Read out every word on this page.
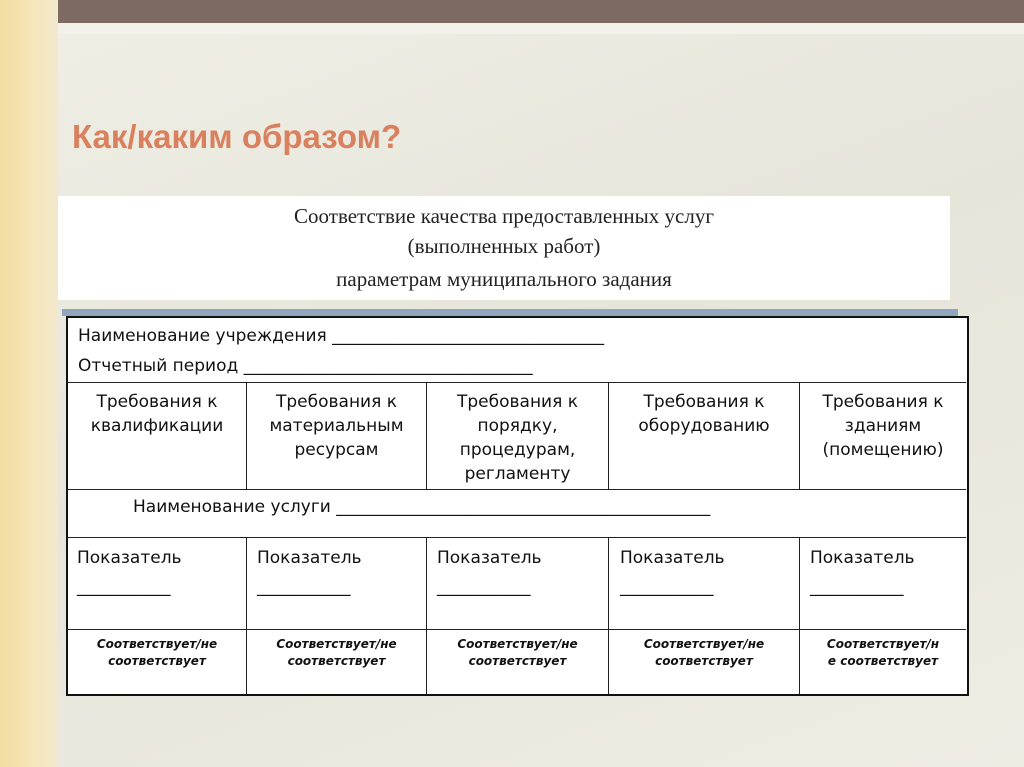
Как/каким образом?
Соответствие качества предоставленных услуг
(выполненных работ)
параметрам муниципального задания
Наименование учреждения ________________________________
Отчетный период __________________________________
Требования к
квалификации
Требования к
материальным
ресурсам
Требования к
порядку,
процедурам,
регламенту
Требования к
оборудованию
Требования к
зданиям
(помещению)
Наименование услуги ____________________________________________
Показатель
___________
Показатель
___________
Показатель
___________
Показатель
___________
Показатель
___________
Соответствует/не
соответствует
Соответствует/не
соответствует
Соответствует/не
соответствует
Соответствует/не
соответствует
Соответствует/н
е соответствует
